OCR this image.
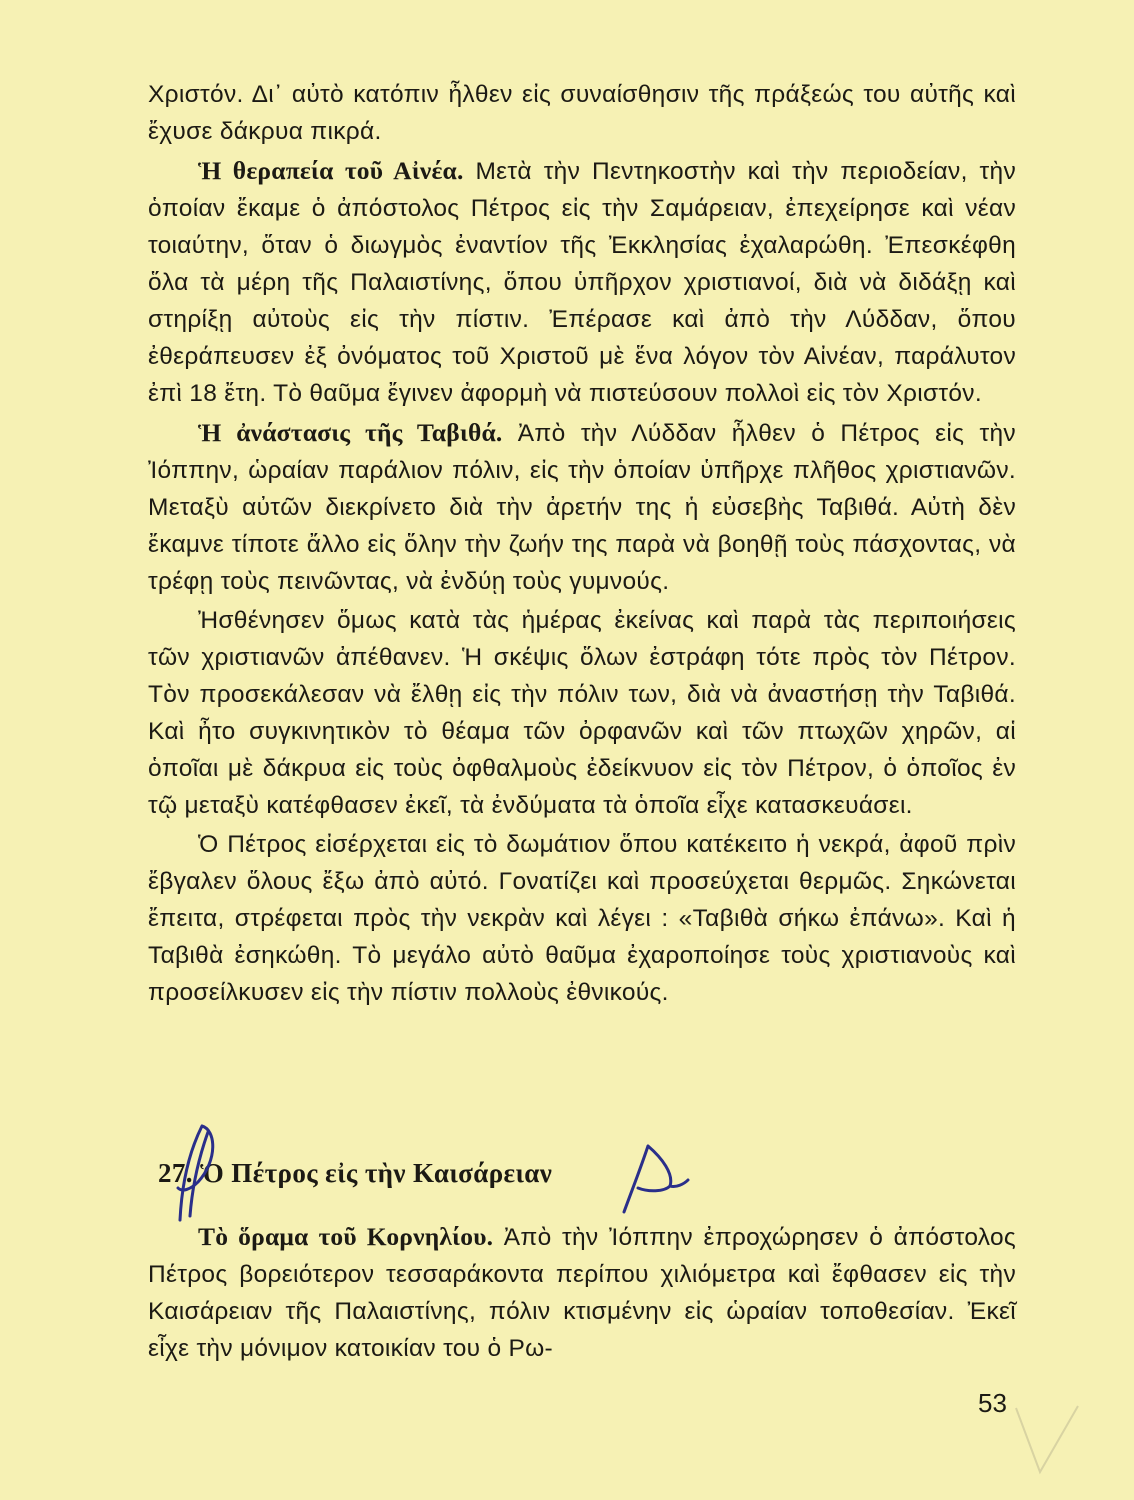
Χριστόν. Δι᾽ αὐτὸ κατόπιν ἦλθεν εἰς συναίσθησιν τῆς πράξεώς του αὐτῆς καὶ ἔχυσε δάκρυα πικρά.

Ἡ θεραπεία τοῦ Αἰνέα. Μετὰ τὴν Πεντηκοστὴν καὶ τὴν περιοδείαν, τὴν ὁποίαν ἔκαμε ὁ ἀπόστολος Πέτρος εἰς τὴν Σαμάρειαν, ἐπεχείρησε καὶ νέαν τοιαύτην, ὅταν ὁ διωγμὸς ἐναντίον τῆς Ἐκκλησίας ἐχαλαρώθη. Ἐπεσκέφθη ὅλα τὰ μέρη τῆς Παλαιστίνης, ὅπου ὑπῆρχον χριστιανοί, διὰ νὰ διδάξῃ καὶ στηρίξῃ αὐτοὺς εἰς τὴν πίστιν. Ἐπέρασε καὶ ἀπὸ τὴν Λύδδαν, ὅπου ἐθεράπευσεν ἐξ ὀνόματος τοῦ Χριστοῦ μὲ ἕνα λόγον τὸν Αἰνέαν, παράλυτον ἐπὶ 18 ἔτη. Τὸ θαῦμα ἔγινεν ἀφορμὴ νὰ πιστεύσουν πολλοὶ εἰς τὸν Χριστόν.

Ἡ ἀνάστασις τῆς Ταβιθά. Ἀπὸ τὴν Λύδδαν ἦλθεν ὁ Πέτρος εἰς τὴν Ἰόππην, ὡραίαν παράλιον πόλιν, εἰς τὴν ὁποίαν ὑπῆρχε πλῆθος χριστιανῶν. Μεταξὺ αὐτῶν διεκρίνετο διὰ τὴν ἀρετήν της ἡ εὐσεβὴς Ταβιθά. Αὐτὴ δὲν ἔκαμνε τίποτε ἄλλο εἰς ὅλην τὴν ζωήν της παρὰ νὰ βοηθῇ τοὺς πάσχοντας, νὰ τρέφῃ τοὺς πεινῶντας, νὰ ἐνδύῃ τοὺς γυμνούς.

Ἠσθένησεν ὅμως κατὰ τὰς ἡμέρας ἐκείνας καὶ παρὰ τὰς περιποιήσεις τῶν χριστιανῶν ἀπέθανεν. Ἡ σκέψις ὅλων ἐστράφη τότε πρὸς τὸν Πέτρον. Τὸν προσεκάλεσαν νὰ ἔλθῃ εἰς τὴν πόλιν των, διὰ νὰ ἀναστήσῃ τὴν Ταβιθά. Καὶ ἦτο συγκινητικὸν τὸ θέαμα τῶν ὀρφανῶν καὶ τῶν πτωχῶν χηρῶν, αἱ ὁποῖαι μὲ δάκρυα εἰς τοὺς ὀφθαλμοὺς ἐδείκνυον εἰς τὸν Πέτρον, ὁ ὁποῖος ἐν τῷ μεταξὺ κατέφθασεν ἐκεῖ, τὰ ἐνδύματα τὰ ὁποῖα εἶχε κατασκευάσει.

Ὁ Πέτρος εἰσέρχεται εἰς τὸ δωμάτιον ὅπου κατέκειτο ἡ νεκρά, ἀφοῦ πρὶν ἔβγαλεν ὅλους ἔξω ἀπὸ αὐτό. Γονατίζει καὶ προσεύχεται θερμῶς. Σηκώνεται ἔπειτα, στρέφεται πρὸς τὴν νεκρὰν καὶ λέγει : «Ταβιθὰ σήκω ἐπάνω». Καὶ ἡ Ταβιθὰ ἐσηκώθη. Τὸ μεγάλο αὐτὸ θαῦμα ἐχαροποίησε τοὺς χριστιανοὺς καὶ προσείλκυσεν εἰς τὴν πίστιν πολλοὺς ἐθνικούς.

27. Ὁ Πέτρος εἰς τὴν Καισάρειαν

Τὸ ὅραμα τοῦ Κορνηλίου. Ἀπὸ τὴν Ἰόππην ἐπροχώρησεν ὁ ἀπόστολος Πέτρος βορειότερον τεσσαράκοντα περίπου χιλιόμετρα καὶ ἔφθασεν εἰς τὴν Καισάρειαν τῆς Παλαιστίνης, πόλιν κτισμένην εἰς ὡραίαν τοποθεσίαν. Ἐκεῖ εἶχε τὴν μόνιμον κατοικίαν του ὁ Ρω-

53
